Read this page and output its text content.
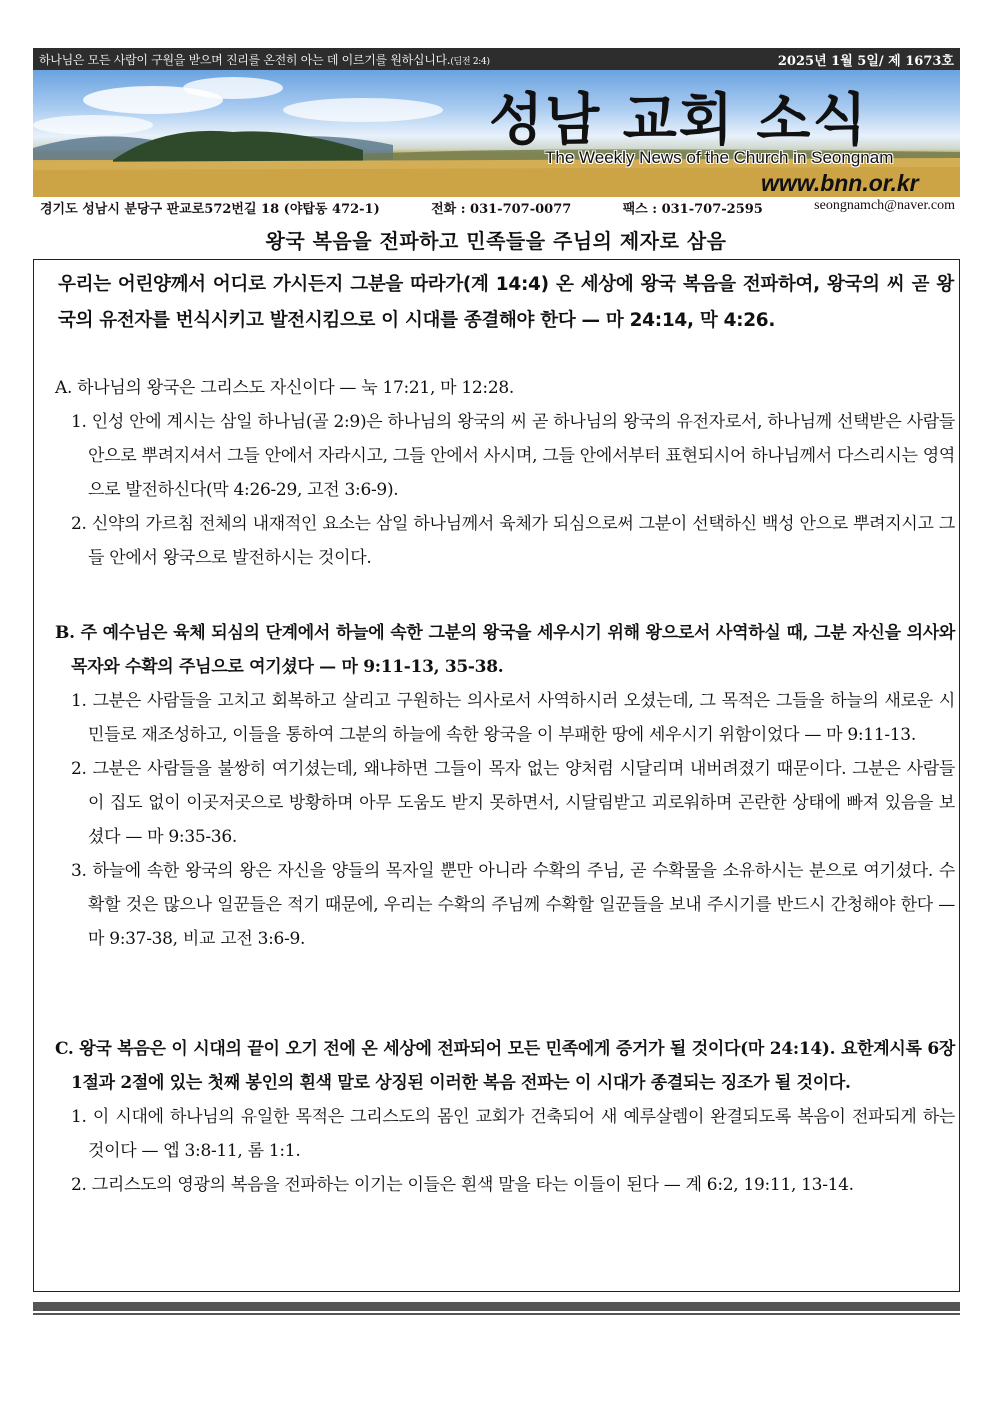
하나님은 모든 사람이 구원을 받으며 진리를 온전히 아는 데 이르기를 원하십니다.(딤전 2:4)	2025년 1월 5일/ 제 1673호
성남 교회 소식
The Weekly News of the Church in Seongnam
www.bnn.or.kr
경기도 성남시 분당구 판교로572번길 18 (야탑동 472-1)	전화 : 031-707-0077	팩스 : 031-707-2595	seongnamch@naver.com
왕국 복음을 전파하고 민족들을 주님의 제자로 삼음
우리는 어린양께서 어디로 가시든지 그분을 따라가(계 14:4) 온 세상에 왕국 복음을 전파하여, 왕국의 씨 곧 왕국의 유전자를 번식시키고 발전시킴으로 이 시대를 종결해야 한다 — 마 24:14, 막 4:26.
A. 하나님의 왕국은 그리스도 자신이다 — 눅 17:21, 마 12:28.
1. 인성 안에 계시는 삼일 하나님(골 2:9)은 하나님의 왕국의 씨 곧 하나님의 왕국의 유전자로서, 하나님께 선택받은 사람들 안으로 뿌려지셔서 그들 안에서 자라시고, 그들 안에서 사시며, 그들 안에서부터 표현되시어 하나님께서 다스리시는 영역으로 발전하신다(막 4:26-29, 고전 3:6-9).
2. 신약의 가르침 전체의 내재적인 요소는 삼일 하나님께서 육체가 되심으로써 그분이 선택하신 백성 안으로 뿌려지시고 그들 안에서 왕국으로 발전하시는 것이다.
B. 주 예수님은 육체 되심의 단계에서 하늘에 속한 그분의 왕국을 세우시기 위해 왕으로서 사역하실 때, 그분 자신을 의사와 목자와 수확의 주님으로 여기셨다 — 마 9:11-13, 35-38.
1. 그분은 사람들을 고치고 회복하고 살리고 구원하는 의사로서 사역하시러 오셨는데, 그 목적은 그들을 하늘의 새로운 시민들로 재조성하고, 이들을 통하여 그분의 하늘에 속한 왕국을 이 부패한 땅에 세우시기 위함이었다 — 마 9:11-13.
2. 그분은 사람들을 불쌍히 여기셨는데, 왜냐하면 그들이 목자 없는 양처럼 시달리며 내버려졌기 때문이다. 그분은 사람들이 집도 없이 이곳저곳으로 방황하며 아무 도움도 받지 못하면서, 시달림받고 괴로워하며 곤란한 상태에 빠져 있음을 보셨다 — 마 9:35-36.
3. 하늘에 속한 왕국의 왕은 자신을 양들의 목자일 뿐만 아니라 수확의 주님, 곧 수확물을 소유하시는 분으로 여기셨다. 수확할 것은 많으나 일꾼들은 적기 때문에, 우리는 수확의 주님께 수확할 일꾼들을 보내 주시기를 반드시 간청해야 한다 — 마 9:37-38, 비교 고전 3:6-9.
C. 왕국 복음은 이 시대의 끝이 오기 전에 온 세상에 전파되어 모든 민족에게 증거가 될 것이다(마 24:14). 요한계시록 6장 1절과 2절에 있는 첫째 봉인의 흰색 말로 상징된 이러한 복음 전파는 이 시대가 종결되는 징조가 될 것이다.
1. 이 시대에 하나님의 유일한 목적은 그리스도의 몸인 교회가 건축되어 새 예루살렘이 완결되도록 복음이 전파되게 하는 것이다 — 엡 3:8-11, 롬 1:1.
2. 그리스도의 영광의 복음을 전파하는 이기는 이들은 흰색 말을 타는 이들이 된다 — 계 6:2, 19:11, 13-14.
